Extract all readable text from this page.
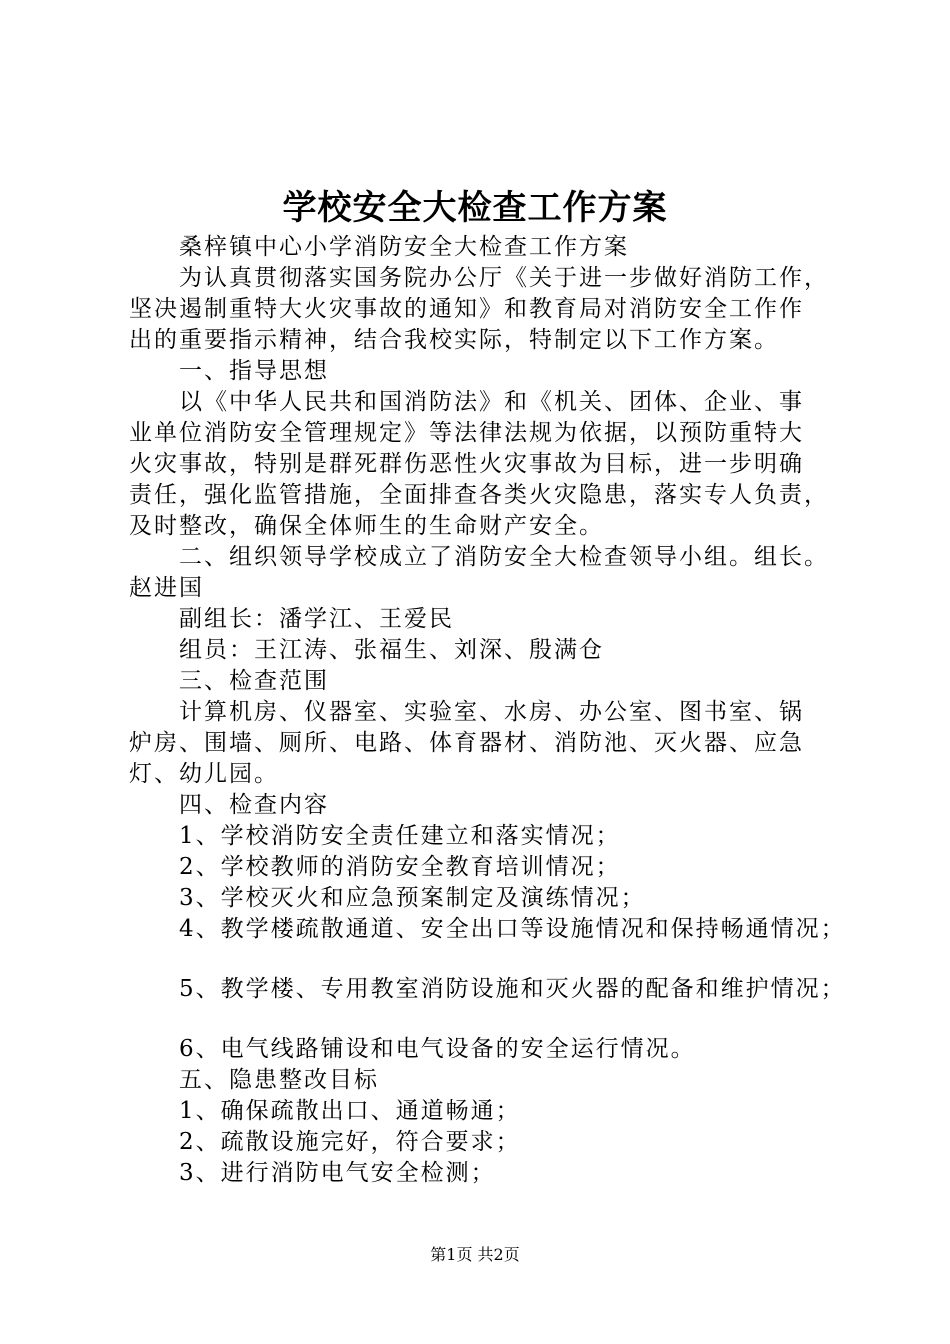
学校安全大检查工作方案

桑梓镇中心小学消防安全大检查工作方案

为认真贯彻落实国务院办公厅《关于进一步做好消防工作，

坚决遏制重特大火灾事故的通知》和教育局对消防安全工作作

出的重要指示精神，结合我校实际，特制定以下工作方案。

一、指导思想

以《中华人民共和国消防法》和《机关、团体、企业、事

业单位消防安全管理规定》等法律法规为依据，以预防重特大

火灾事故，特别是群死群伤恶性火灾事故为目标，进一步明确

责任，强化监管措施，全面排查各类火灾隐患，落实专人负责，

及时整改，确保全体师生的生命财产安全。

二、组织领导学校成立了消防安全大检查领导小组。组长。

赵进国

副组长：潘学江、王爱民

组员：王江涛、张福生、刘深、殷满仓

三、检查范围

计算机房、仪器室、实验室、水房、办公室、图书室、锅

炉房、围墙、厕所、电路、体育器材、消防池、灭火器、应急

灯、幼儿园。

四、检查内容

1、学校消防安全责任建立和落实情况；

2、学校教师的消防安全教育培训情况；

3、学校灭火和应急预案制定及演练情况；

4、教学楼疏散通道、安全出口等设施情况和保持畅通情况；

5、教学楼、专用教室消防设施和灭火器的配备和维护情况；

6、电气线路铺设和电气设备的安全运行情况。

五、隐患整改目标

1、确保疏散出口、通道畅通；

2、疏散设施完好，符合要求；

3、进行消防电气安全检测；

第1页 共2页
